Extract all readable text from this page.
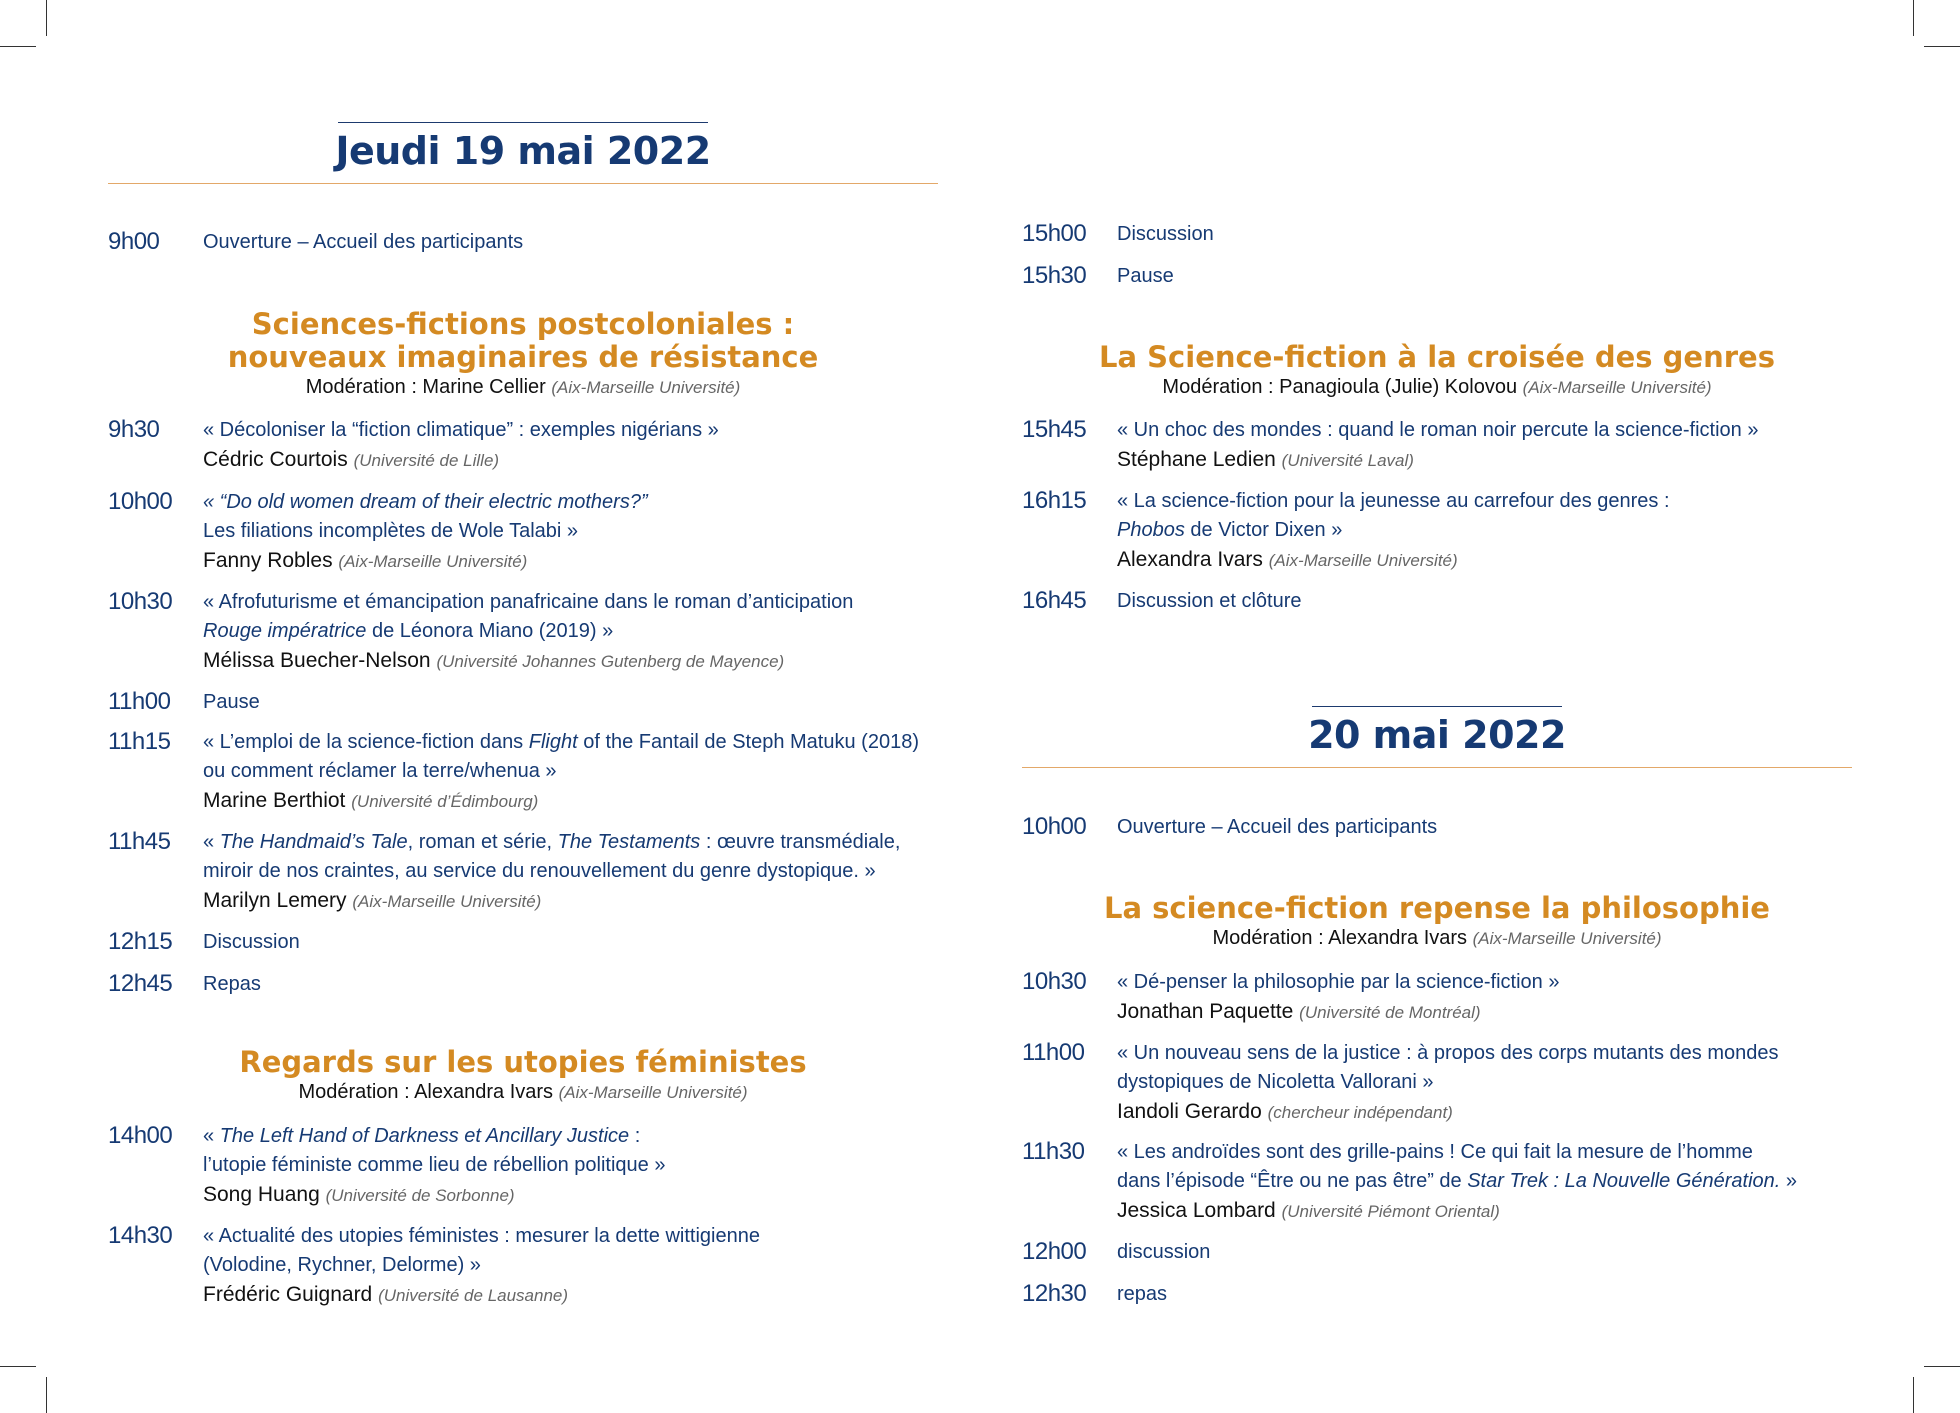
Jeudi 19 mai 2022
9h00 Ouverture – Accueil des participants
Sciences-fictions postcoloniales :
nouveaux imaginaires de résistance
Modération : Marine Cellier (Aix-Marseille Université)
9h30 « Décoloniser la “fiction climatique” : exemples nigérians »
Cédric Courtois (Université de Lille)
10h00 « “Do old women dream of their electric mothers?”
Les filiations incomplètes de Wole Talabi »
Fanny Robles (Aix-Marseille Université)
10h30 « Afrofuturisme et émancipation panafricaine dans le roman d’anticipation
Rouge impératrice de Léonora Miano (2019) »
Mélissa Buecher-Nelson (Université Johannes Gutenberg de Mayence)
11h00 Pause
11h15 « L’emploi de la science-fiction dans Flight of the Fantail de Steph Matuku (2018)
ou comment réclamer la terre/whenua »
Marine Berthiot (Université d’Édimbourg)
11h45 « The Handmaid’s Tale, roman et série, The Testaments : œuvre transmédiale,
miroir de nos craintes, au service du renouvellement du genre dystopique. »
Marilyn Lemery (Aix-Marseille Université)
12h15 Discussion
12h45 Repas
Regards sur les utopies féministes
Modération : Alexandra Ivars (Aix-Marseille Université)
14h00 « The Left Hand of Darkness et Ancillary Justice :
l’utopie féministe comme lieu de rébellion politique »
Song Huang (Université de Sorbonne)
14h30 « Actualité des utopies féministes : mesurer la dette wittigienne
(Volodine, Rychner, Delorme) »
Frédéric Guignard (Université de Lausanne)
15h00 Discussion
15h30 Pause
La Science-fiction à la croisée des genres
Modération : Panagioula (Julie) Kolovou (Aix-Marseille Université)
15h45 « Un choc des mondes : quand le roman noir percute la science-fiction »
Stéphane Ledien (Université Laval)
16h15 « La science-fiction pour la jeunesse au carrefour des genres :
Phobos de Victor Dixen »
Alexandra Ivars (Aix-Marseille Université)
16h45 Discussion et clôture
20 mai 2022
10h00 Ouverture – Accueil des participants
La science-fiction repense la philosophie
Modération : Alexandra Ivars (Aix-Marseille Université)
10h30 « Dé-penser la philosophie par la science-fiction »
Jonathan Paquette (Université de Montréal)
11h00 « Un nouveau sens de la justice : à propos des corps mutants des mondes
dystopiques de Nicoletta Vallorani »
Iandoli Gerardo (chercheur indépendant)
11h30 « Les androïdes sont des grille-pains ! Ce qui fait la mesure de l’homme
dans l’épisode “Être ou ne pas être” de Star Trek : La Nouvelle Génération. »
Jessica Lombard (Université Piémont Oriental)
12h00 discussion
12h30 repas
